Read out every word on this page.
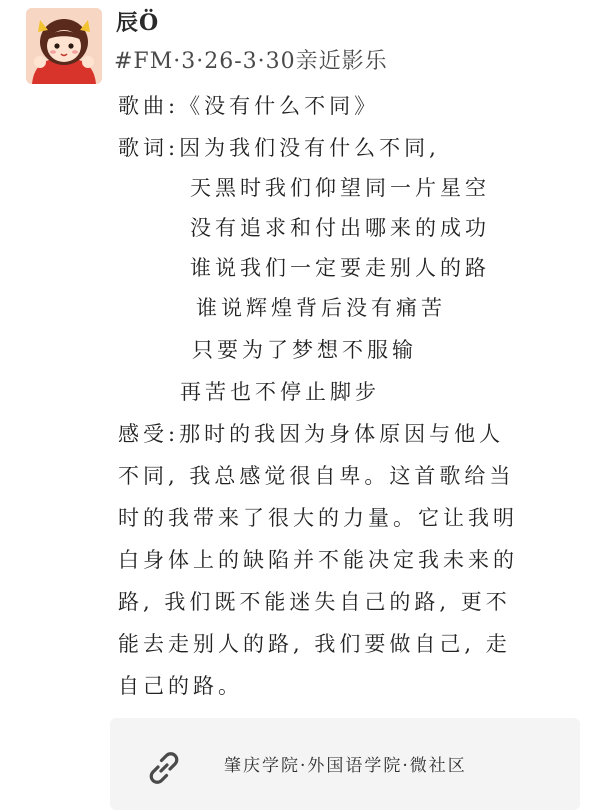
辰Ö
#FM·3·26-3·30亲近影乐
歌曲:《没有什么不同》
歌词:因为我们没有什么不同,
天黑时我们仰望同一片星空
没有追求和付出哪来的成功
谁说我们一定要走别人的路
谁说辉煌背后没有痛苦
只要为了梦想不服输
再苦也不停止脚步
感受:那时的我因为身体原因与他人
不同, 我总感觉很自卑。这首歌给当
时的我带来了很大的力量。它让我明
白身体上的缺陷并不能决定我未来的
路, 我们既不能迷失自己的路, 更不
能去走别人的路, 我们要做自己, 走
自己的路。
肇庆学院·外国语学院·微社区
